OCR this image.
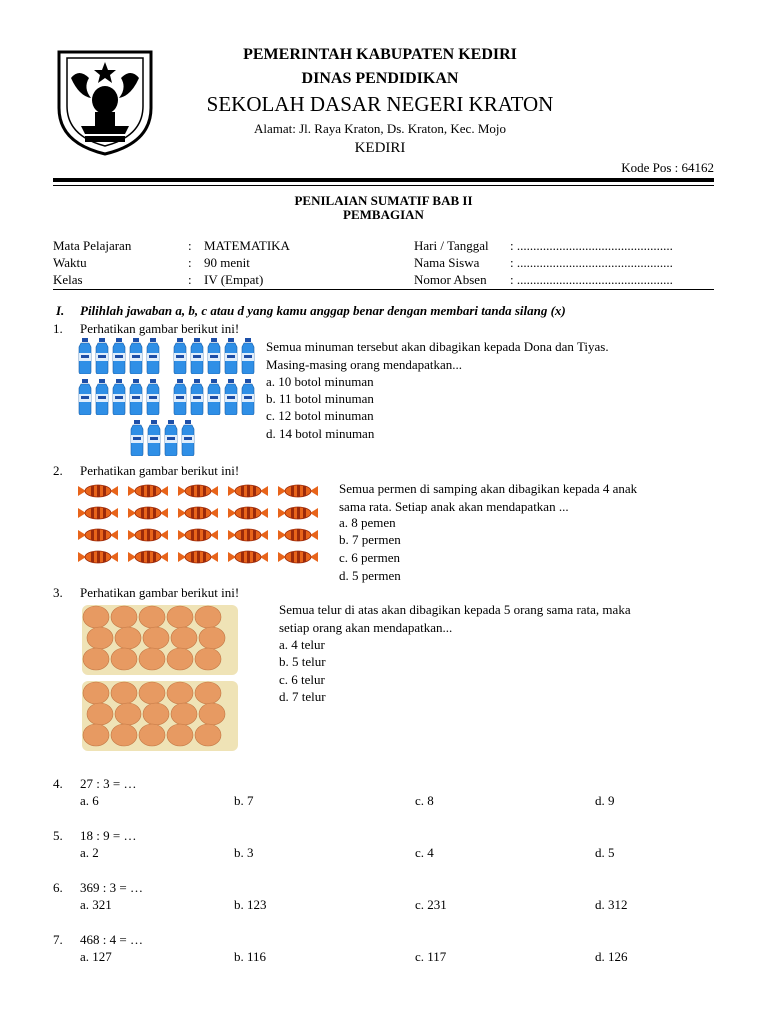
PEMERINTAH KABUPATEN KEDIRI
DINAS PENDIDIKAN
SEKOLAH DASAR NEGERI KRATON
Alamat: Jl. Raya Kraton, Ds. Kraton, Kec. Mojo
KEDIRI
Kode Pos : 64162
PENILAIAN SUMATIF BAB II
PEMBAGIAN
Mata Pelajaran	: MATEMATIKA
Waktu	: 90 menit
Kelas	: IV (Empat)
Hari / Tanggal : ................................................
Nama Siswa : ................................................
Nomor Absen : ................................................
I. Pilihlah jawaban a, b, c atau d yang kamu anggap benar dengan membari tanda silang (x)
1. Perhatikan gambar berikut ini!
Semua minuman tersebut akan dibagikan kepada Dona dan Tiyas.
Masing-masing orang mendapatkan...
a. 10 botol minuman
b. 11 botol minuman
c. 12 botol minuman
d. 14 botol minuman
2. Perhatikan gambar berikut ini!
Semua permen di samping akan dibagikan kepada 4 anak
sama rata. Setiap anak akan mendapatkan ...
a. 8 pemen
b. 7 permen
c. 6 permen
d. 5 permen
3. Perhatikan gambar berikut ini!
Semua telur di atas akan dibagikan kepada 5 orang sama rata, maka
setiap orang akan mendapatkan...
a. 4 telur
b. 5 telur
c. 6 telur
d. 7 telur
4. 27 : 3 = …
a. 6	b. 7	c. 8	d. 9
5. 18 : 9 = …
a. 2	b. 3	c. 4	d. 5
6. 369 : 3 = …
a. 321	b. 123	c. 231	d. 312
7. 468 : 4 = …
a. 127	b. 116	c. 117	d. 126
